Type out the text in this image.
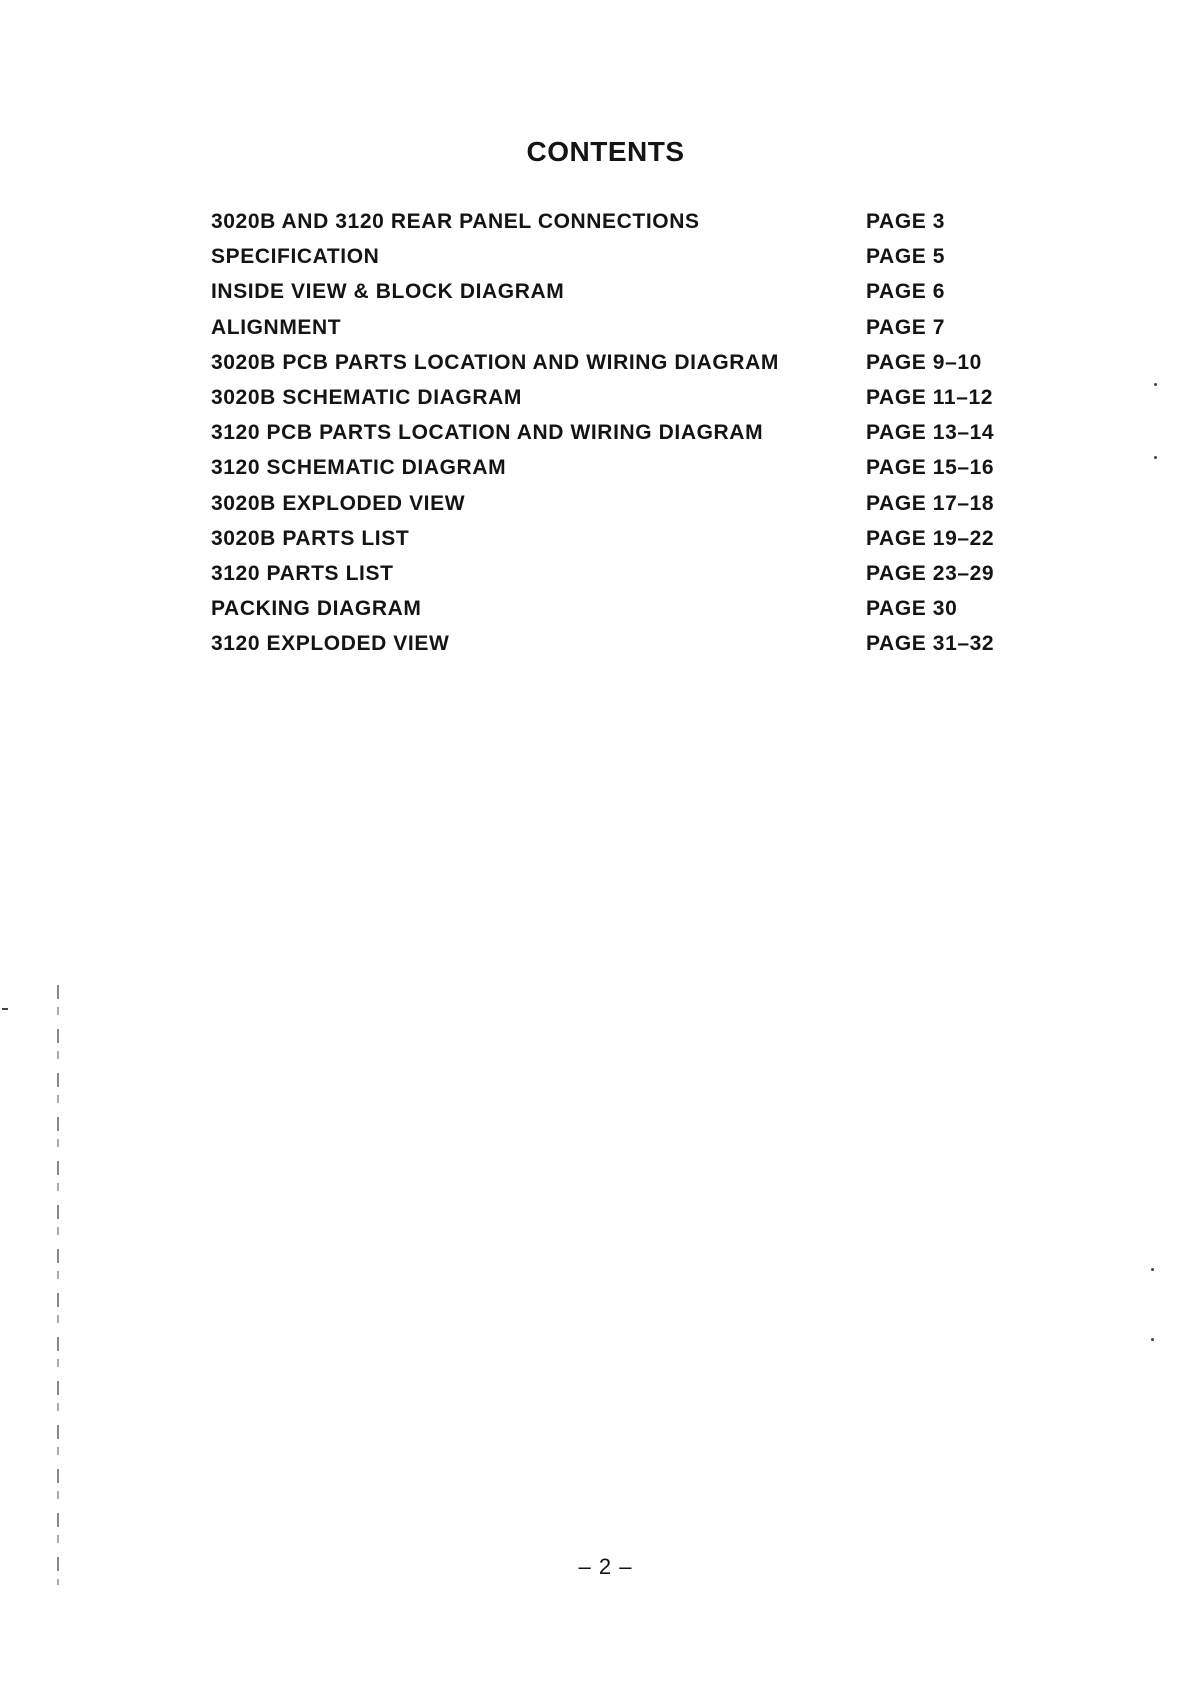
CONTENTS
3020B AND 3120 REAR PANEL CONNECTIONS	PAGE 3
SPECIFICATION	PAGE 5
INSIDE VIEW & BLOCK DIAGRAM	PAGE 6
ALIGNMENT	PAGE 7
3020B PCB PARTS LOCATION AND WIRING DIAGRAM	PAGE 9–10
3020B SCHEMATIC DIAGRAM	PAGE 11–12
3120 PCB PARTS LOCATION AND WIRING DIAGRAM	PAGE 13–14
3120 SCHEMATIC DIAGRAM	PAGE 15–16
3020B EXPLODED VIEW	PAGE 17–18
3020B PARTS LIST	PAGE 19–22
3120 PARTS LIST	PAGE 23–29
PACKING DIAGRAM	PAGE 30
3120 EXPLODED VIEW	PAGE 31–32
– 2 –
